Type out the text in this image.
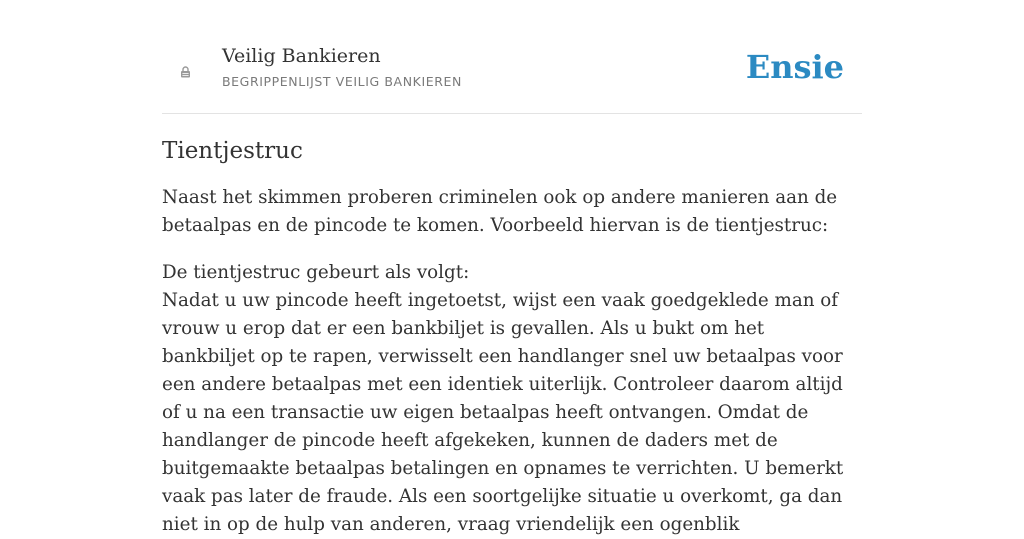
Veilig Bankieren
BEGRIPPENLIJST VEILIG BANKIEREN	Ensie
Tientjestruc

Naast het skimmen proberen criminelen ook op andere manieren aan de betaalpas en de pincode te komen. Voorbeeld hiervan is de tientjestruc:

De tientjestruc gebeurt als volgt:
Nadat u uw pincode heeft ingetoetst, wijst een vaak goedgeklede man of vrouw u erop dat er een bankbiljet is gevallen. Als u bukt om het bankbiljet op te rapen, verwisselt een handlanger snel uw betaalpas voor een andere betaalpas met een identiek uiterlijk. Controleer daarom altijd of u na een transactie uw eigen betaalpas heeft ontvangen. Omdat de handlanger de pincode heeft afgekeken, kunnen de daders met de buitgemaakte betaalpas betalingen en opnames te verrichten. U bemerkt vaak pas later de fraude. Als een soortgelijke situatie u overkomt, ga dan niet in op de hulp van anderen, vraag vriendelijk een ogenblik
